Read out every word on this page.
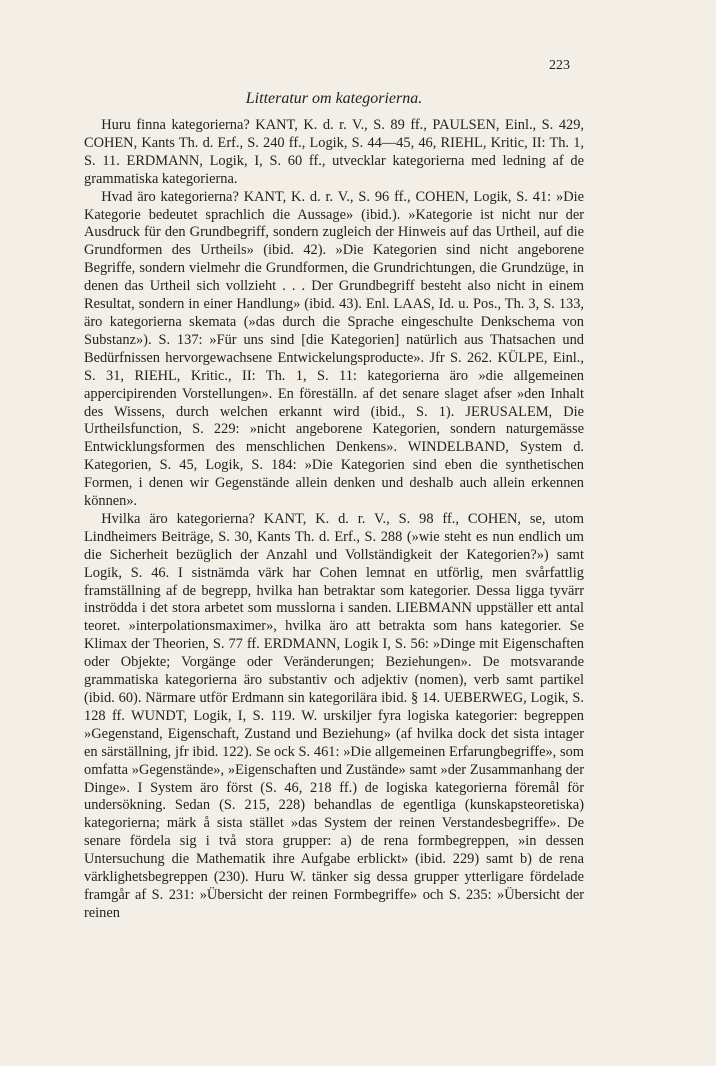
223
Litteratur om kategorierna.

Huru finna kategorierna? KANT, K. d. r. V., S. 89 ff., PAULSEN, Einl., S. 429, COHEN, Kants Th. d. Erf., S. 240 ff., Logik, S. 44—45, 46, RIEHL, Kritic, II: Th. 1, S. 11. ERDMANN, Logik, I, S. 60 ff., utvecklar kategorierna med ledning af de grammatiska kategorierna.

Hvad äro kategorierna? KANT, K. d. r. V., S. 96 ff., COHEN, Logik, S. 41: »Die Kategorie bedeutet sprachlich die Aussage» (ibid.). »Kategorie ist nicht nur der Ausdruck für den Grundbegriff, sondern zugleich der Hinweis auf das Urtheil, auf die Grundformen des Urtheils» (ibid. 42). »Die Kategorien sind nicht angeborene Begriffe, sondern vielmehr die Grundformen, die Grundrichtungen, die Grundzüge, in denen das Urtheil sich vollzieht . . . Der Grundbegriff besteht also nicht in einem Resultat, sondern in einer Handlung» (ibid. 43). Enl. LAAS, Id. u. Pos., Th. 3, S. 133, äro kategorierna skemata (»das durch die Sprache eingeschulte Denkschema von Substanz»). S. 137: »Für uns sind [die Kategorien] natürlich aus Thatsachen und Bedürfnissen hervorgewachsene Entwickelungsproducte». Jfr S. 262. KÜLPE, Einl., S. 31, RIEHL, Kritic., II: Th. 1, S. 11: kategorierna äro »die allgemeinen appercipirenden Vorstellungen». En föreställn. af det senare slaget afser »den Inhalt des Wissens, durch welchen erkannt wird (ibid., S. 1). JERUSALEM, Die Urtheilsfunction, S. 229: »nicht angeborene Kategorien, sondern naturgemässe Entwicklungsformen des menschlichen Denkens». WINDELBAND, System d. Kategorien, S. 45, Logik, S. 184: »Die Kategorien sind eben die synthetischen Formen, i denen wir Gegenstände allein denken und deshalb auch allein erkennen können».

Hvilka äro kategorierna? KANT, K. d. r. V., S. 98 ff., COHEN, se, utom Lindheimers Beiträge, S. 30, Kants Th. d. Erf., S. 288 (»wie steht es nun endlich um die Sicherheit bezüglich der Anzahl und Vollständigkeit der Kategorien?») samt Logik, S. 46. I sistnämda värk har Cohen lemnat en utförlig, men svårfattlig framställning af de begrepp, hvilka han betraktar som kategorier. Dessa ligga tyvärr inströdda i det stora arbetet som musslorna i sanden. LIEBMANN uppställer ett antal teoret. »interpolationsmaximer», hvilka äro att betrakta som hans kategorier. Se Klimax der Theorien, S. 77 ff. ERDMANN, Logik I, S. 56: »Dinge mit Eigenschaften oder Objekte; Vorgänge oder Veränderungen; Beziehungen». De motsvarande grammatiska kategorierna äro substantiv och adjektiv (nomen), verb samt partikel (ibid. 60). Närmare utför Erdmann sin kategorilära ibid. § 14. UEBERWEG, Logik, S. 128 ff. WUNDT, Logik, I, S. 119. W. urskiljer fyra logiska kategorier: begreppen »Gegenstand, Eigenschaft, Zustand und Beziehung» (af hvilka dock det sista intager en särställning, jfr ibid. 122). Se ock S. 461: »Die allgemeinen Erfarungbegriffe», som omfatta »Gegenstände», »Eigenschaften und Zustände» samt »der Zusammanhang der Dinge». I System äro först (S. 46, 218 ff.) de logiska kategorierna föremål för undersökning. Sedan (S. 215, 228) behandlas de egentliga (kunskapsteoretiska) kategorierna; märk å sista stället »das System der reinen Verstandesbegriffe». De senare fördela sig i två stora grupper: a) de rena formbegreppen, »in dessen Untersuchung die Mathematik ihre Aufgabe erblickt» (ibid. 229) samt b) de rena värklighetsbegreppen (230). Huru W. tänker sig dessa grupper ytterligare fördelade framgår af S. 231: »Übersicht der reinen Formbegriffe» och S. 235: »Übersicht der reinen
